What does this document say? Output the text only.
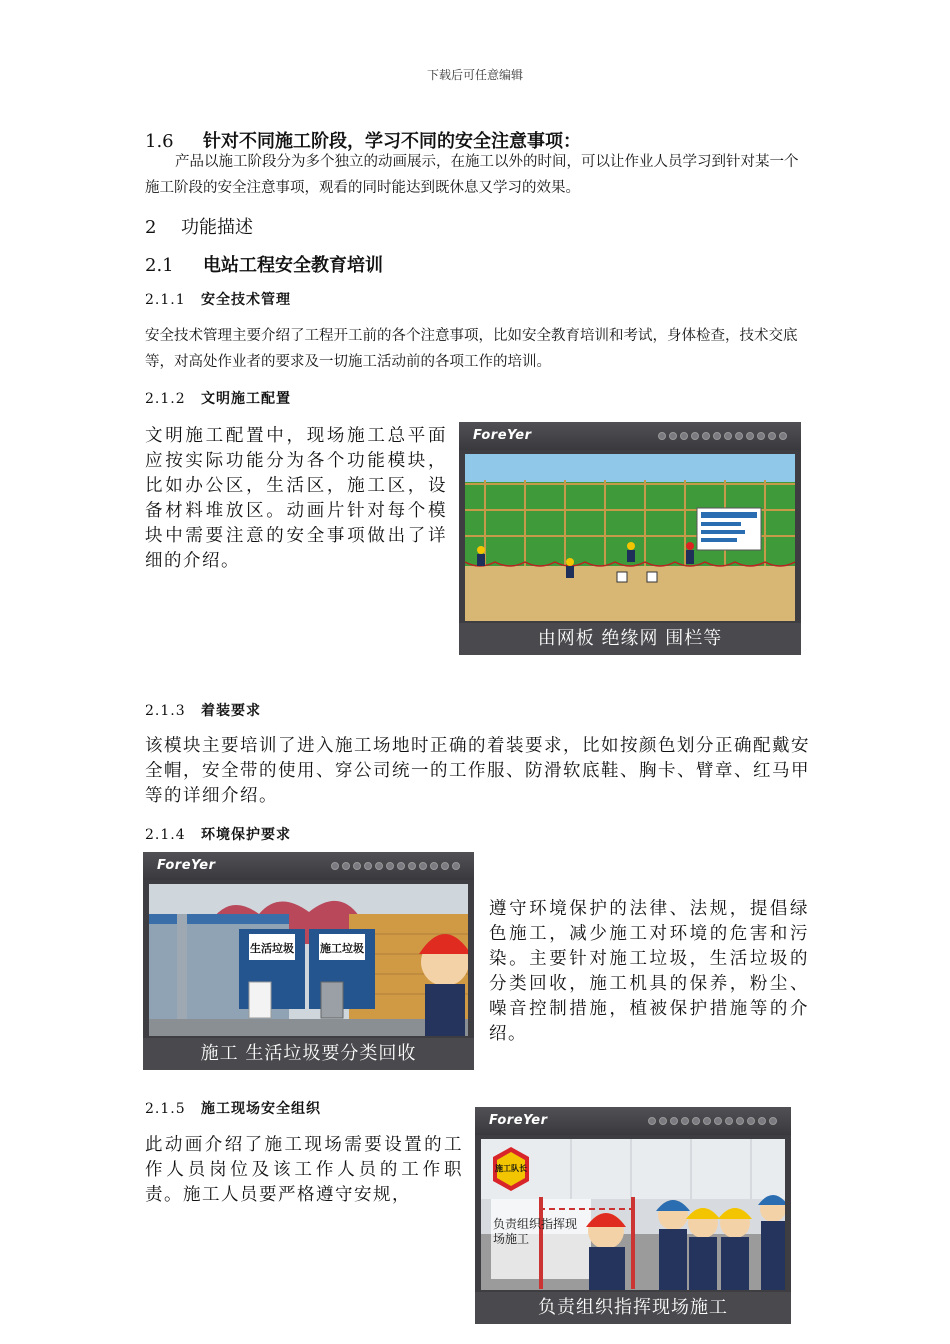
下载后可任意编辑
1.6 针对不同施工阶段，学习不同的安全注意事项：
产品以施工阶段分为多个独立的动画展示，在施工以外的时间，可以让作业人员学习到针对某一个施工阶段的安全注意事项，观看的同时能达到既休息又学习的效果。
2 功能描述
2.1 电站工程安全教育培训
2.1.1 安全技术管理
安全技术管理主要介绍了工程开工前的各个注意事项，比如安全教育培训和考试，身体检查，技术交底等，对高处作业者的要求及一切施工活动前的各项工作的培训。
2.1.2 文明施工配置
文明施工配置中，现场施工总平面应按实际功能分为各个功能模块，比如办公区，生活区，施工区，设备材料堆放区。动画片针对每个模块中需要注意的安全事项做出了详细的介绍。
ForeYer
由网板 绝缘网 围栏等
2.1.3 着装要求
该模块主要培训了进入施工场地时正确的着装要求，比如按颜色划分正确配戴安全帽，安全带的使用、穿公司统一的工作服、防滑软底鞋、胸卡、臂章、红马甲等的详细介绍。
2.1.4 环境保护要求
ForeYer
生活垃圾 施工垃圾
施工 生活垃圾要分类回收
遵守环境保护的法律、法规，提倡绿色施工，减少施工对环境的危害和污染。主要针对施工垃圾，生活垃圾的分类回收，施工机具的保养，粉尘、噪音控制措施，植被保护措施等的介绍。
2.1.5 施工现场安全组织
此动画介绍了施工现场需要设置的工作人员岗位及该工作人员的工作职责。施工人员要严格遵守安规，
ForeYer
施工队长
负责组织指挥现场施工
负责组织指挥现场施工
